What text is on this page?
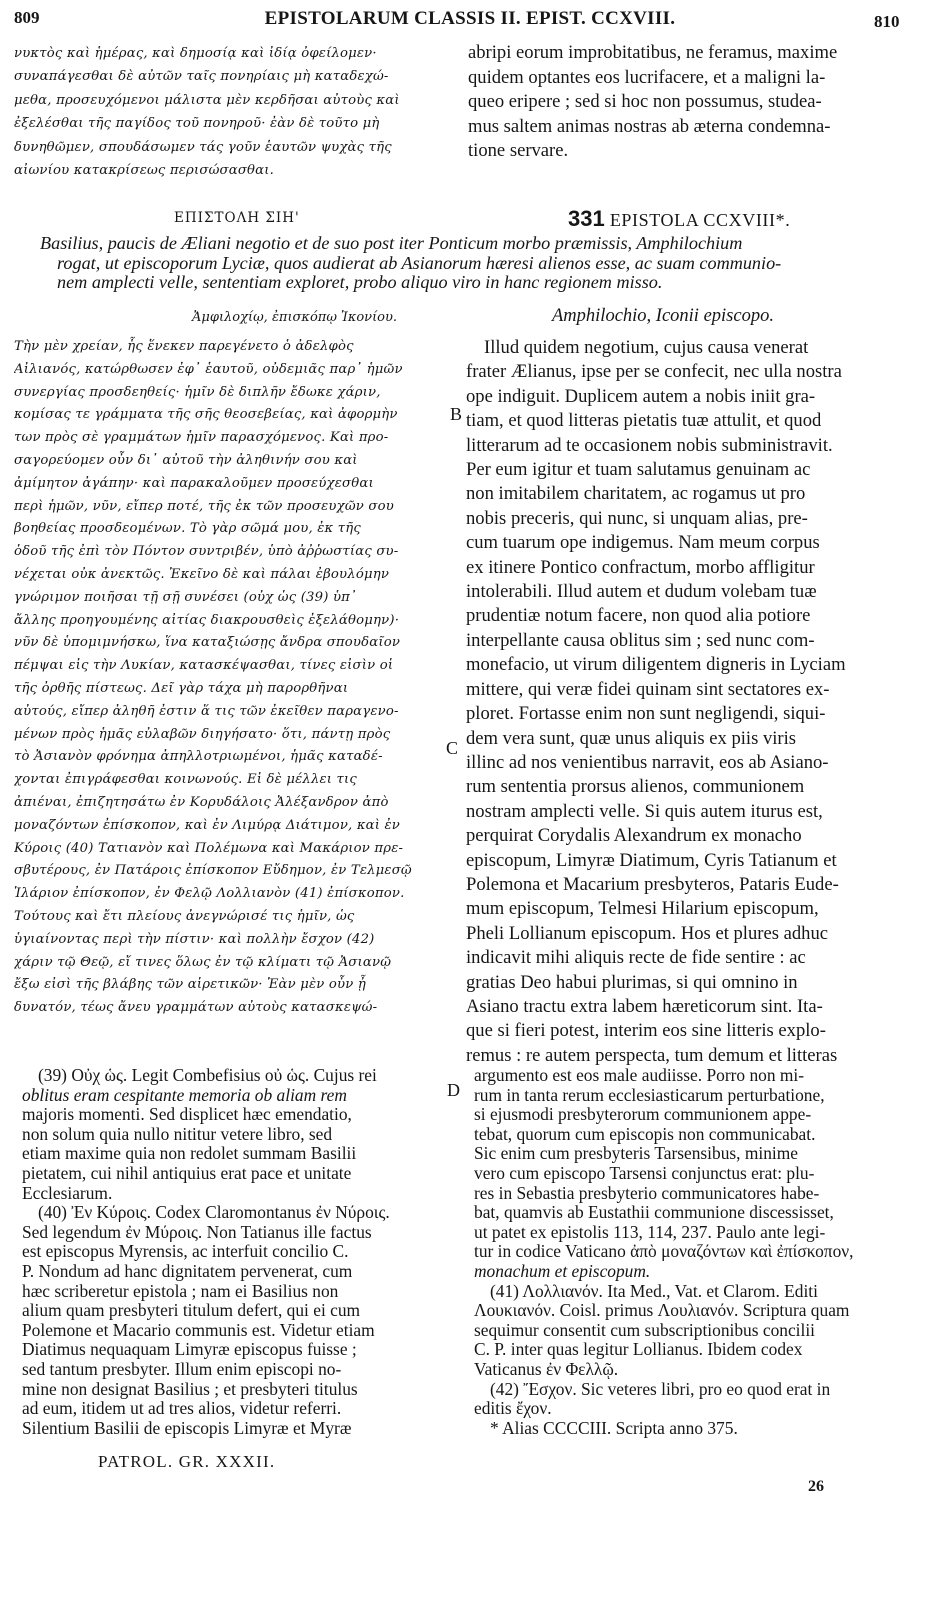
809	EPISTOLARUM CLASSIS II. EPIST. CCXVIII.	810
νυκτὸς καὶ ἡμέρας, καὶ δημοσίᾳ καὶ ἰδίᾳ ὀφείλομεν·
συναπάγεσθαι δὲ αὐτῶν ταῖς πονηρίαις μὴ καταδεχώ-
μεθα, προσευχόμενοι μάλιστα μὲν κερδῆσαι αὐτοὺς καὶ
ἐξελέσθαι τῆς παγίδος τοῦ πονηροῦ· ἐὰν δὲ τοῦτο μὴ
δυνηθῶμεν, σπουδάσωμεν τάς γοῦν ἑαυτῶν ψυχὰς τῆς
αἰωνίου κατακρίσεως περισώσασθαι.
abripi eorum improbitatibus, ne feramus, maxime
quidem optantes eos lucrifacere, et a maligni la-
queo eripere ; sed si hoc non possumus, studea-
mus saltem animas nostras ab æterna condemna-
tione servare.
ΕΠΙΣΤΟΛΗ ΣΙΗ'	331 EPISTOLA CCXVIII*.
Basilius, paucis de Æliani negotio et de suo post iter Ponticum morbo præmissis, Amphilochium
rogat, ut episcoporum Lyciæ, quos audierat ab Asianorum hæresi alienos esse, ac suam communio-
nem amplecti velle, sententiam exploret, probo aliquo viro in hanc regionem misso.
Ἀμφιλοχίῳ, ἐπισκόπῳ Ἰκονίου.	Amphilochio, Iconii episcopo.
Τὴν μὲν χρείαν, ἧς ἕνεκεν παρεγένετο ὁ ἀδελφὸς
Αἰλιανός, κατώρθωσεν ἐφ᾽ ἑαυτοῦ, οὐδεμιᾶς παρ᾽ ἡμῶν
συνεργίας προσδεηθείς· ἡμῖν δὲ διπλῆν ἔδωκε χάριν,
κομίσας τε γράμματα τῆς σῆς θεοσεβείας, καὶ ἀφορμὴν
των πρὸς σὲ γραμμάτων ἡμῖν παρασχόμενος. Καὶ προ-
σαγορεύομεν οὖν δι᾽ αὐτοῦ τὴν ἀληθινήν σου καὶ
ἀμίμητον ἀγάπην· καὶ παρακαλοῦμεν προσεύχεσθαι
περὶ ἡμῶν, νῦν, εἴπερ ποτέ, τῆς ἐκ τῶν προσευχῶν σου
βοηθείας προσδεομένων. Τὸ γὰρ σῶμά μου, ἐκ τῆς
ὁδοῦ τῆς ἐπὶ τὸν Πόντον συντριβέν, ὑπὸ ἀῤῥωστίας συ-
νέχεται οὐκ ἀνεκτῶς. Ἐκεῖνο δὲ καὶ πάλαι ἐβουλόμην
γνώριμον ποιῆσαι τῇ σῇ συνέσει (οὐχ ὡς (39) ὑπ᾽
ἄλλης προηγουμένης αἰτίας διακρουσθεὶς ἐξελάθομην)·
νῦν δὲ ὑπομιμνήσκω, ἵνα καταξιώσῃς ἄνδρα σπουδαῖον
πέμψαι εἰς τὴν Λυκίαν, κατασκέψασθαι, τίνες εἰσὶν οἱ
τῆς ὀρθῆς πίστεως. Δεῖ γὰρ τάχα μὴ παρορθῆναι
αὐτούς, εἴπερ ἀληθῆ ἐστιν ἅ τις τῶν ἐκεῖθεν παραγενο-
μένων πρὸς ἡμᾶς εὐλαβῶν διηγήσατο· ὅτι, πάντῃ πρὸς
τὸ Ἀσιανὸν φρόνημα ἀπηλλοτριωμένοι, ἡμᾶς καταδέ-
χονται ἐπιγράφεσθαι κοινωνούς. Εἰ δὲ μέλλει τις
ἀπιέναι, ἐπιζητησάτω ἐν Κορυδάλοις Ἀλέξανδρον ἀπὸ
μοναζόντων ἐπίσκοπον, καὶ ἐν Λιμύρᾳ Διάτιμον, καὶ ἐν
Κύροις (40) Τατιανὸν καὶ Πολέμωνα καὶ Μακάριον πρε-
σβυτέρους, ἐν Πατάροις ἐπίσκοπον Εὔδημον, ἐν Τελμεσῷ
Ἱλάριον ἐπίσκοπον, ἐν Φελῷ Λολλιανὸν (41) ἐπίσκοπον.
Τούτους καὶ ἔτι πλείους ἀνεγνώρισέ τις ἡμῖν, ὡς
ὑγιαίνοντας περὶ τὴν πίστιν· καὶ πολλὴν ἔσχον (42)
χάριν τῷ Θεῷ, εἴ τινες ὅλως ἐν τῷ κλίματι τῷ Ἀσιανῷ
ἔξω εἰσὶ τῆς βλάβης τῶν αἱρετικῶν· Ἐὰν μὲν οὖν ᾖ
δυνατόν, τέως ἄνευ γραμμάτων αὐτοὺς κατασκεψώ-
B
C
D
Illud quidem negotium, cujus causa venerat
frater Ælianus, ipse per se confecit, nec ulla nostra
ope indiguit. Duplicem autem a nobis iniit gra-
tiam, et quod litteras pietatis tuæ attulit, et quod
litterarum ad te occasionem nobis subministravit.
Per eum igitur et tuam salutamus genuinam ac
non imitabilem charitatem, ac rogamus ut pro
nobis preceris, qui nunc, si unquam alias, pre-
cum tuarum ope indigemus. Nam meum corpus
ex itinere Pontico confractum, morbo affligitur
intolerabili. Illud autem et dudum volebam tuæ
prudentiæ notum facere, non quod alia potiore
interpellante causa oblitus sim ; sed nunc com-
monefacio, ut virum diligentem digneris in Lyciam
mittere, qui veræ fidei quinam sint sectatores ex-
ploret. Fortasse enim non sunt negligendi, siqui-
dem vera sunt, quæ unus aliquis ex piis viris
illinc ad nos venientibus narravit, eos ab Asiano-
rum sententia prorsus alienos, communionem
nostram amplecti velle. Si quis autem iturus est,
perquirat Corydalis Alexandrum ex monacho
episcopum, Limyræ Diatimum, Cyris Tatianum et
Polemona et Macarium presbyteros, Pataris Eude-
mum episcopum, Telmesi Hilarium episcopum,
Pheli Lollianum episcopum. Hos et plures adhuc
indicavit mihi aliquis recte de fide sentire : ac
gratias Deo habui plurimas, si qui omnino in
Asiano tractu extra labem hæreticorum sint. Ita-
que si fieri potest, interim eos sine litteris explo-
remus : re autem perspecta, tum demum et litteras
(39) Οὐχ ὡς. Legit Combefisius οὐ ὡς. Cujus rei
oblitus eram cespitante memoria ob aliam rem
majoris momenti. Sed displicet hæc emendatio,
non solum quia nullo nititur vetere libro, sed
etiam maxime quia non redolet summam Basilii
pietatem, cui nihil antiquius erat pace et unitate
Ecclesiarum.
(40) Ἐν Κύροις. Codex Claromontanus ἐν Νύροις.
Sed legendum ἐν Μύροις. Non Tatianus ille factus
est episcopus Myrensis, ac interfuit concilio C.
P. Nondum ad hanc dignitatem pervenerat, cum
hæc scriberetur epistola ; nam ei Basilius non
alium quam presbyteri titulum defert, qui ei cum
Polemone et Macario communis est. Videtur etiam
Diatimus nequaquam Limyræ episcopus fuisse ;
sed tantum presbyter. Illum enim episcopi no-
mine non designat Basilius ; et presbyteri titulus
ad eum, itidem ut ad tres alios, videtur referri.
Silentium Basilii de episcopis Limyræ et Myræ
PATROL. GR. XXXII.
argumento est eos male audiisse. Porro non mi-
rum in tanta rerum ecclesiasticarum perturbatione,
si ejusmodi presbyterorum communionem appe-
tebat, quorum cum episcopis non communicabat.
Sic enim cum presbyteris Tarsensibus, minime
vero cum episcopo Tarsensi conjunctus erat: plu-
res in Sebastia presbyterio communicatores habe-
bat, quamvis ab Eustathii communione discessisset,
ut patet ex epistolis 113, 114, 237. Paulo ante legi-
tur in codice Vaticano ἀπὸ μοναζόντων καὶ ἐπίσκοπον,
monachum et episcopum.
(41) Λολλιανόν. Ita Med., Vat. et Clarom. Editi
Λουκιανόν. Coisl. primus Λουλιανόν. Scriptura quam
sequimur consentit cum subscriptionibus concilii
C. P. inter quas legitur Lollianus. Ibidem codex
Vaticanus ἐν Φελλῷ.
(42) Ἔσχον. Sic veteres libri, pro eo quod erat in
editis ἔχον.
* Alias CCCCIII. Scripta anno 375.
26
